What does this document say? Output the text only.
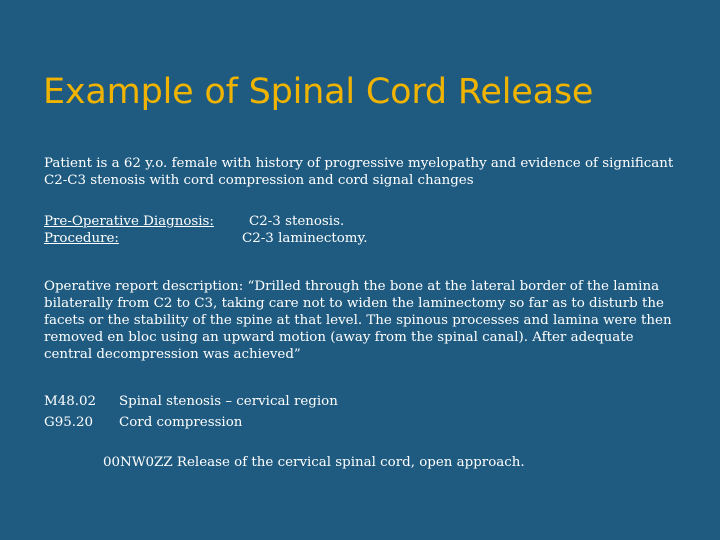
Example of Spinal Cord Release
Patient is a 62 y.o. female with history of progressive myelopathy and evidence of significant C2-C3 stenosis with cord compression and cord signal changes
Pre-Operative Diagnosis:	C2-3 stenosis.
Procedure:	C2-3 laminectomy.
Operative report description: “Drilled through the bone at the lateral border of the lamina bilaterally from C2 to C3, taking care not to widen the laminectomy so far as to disturb the facets or the stability of the spine at that level. The spinous processes and lamina were then removed en bloc using an upward motion (away from the spinal canal). After adequate central decompression was achieved”
M48.02 Spinal stenosis – cervical region
G95.20 Cord compression
00NW0ZZ Release of the cervical spinal cord, open approach.
